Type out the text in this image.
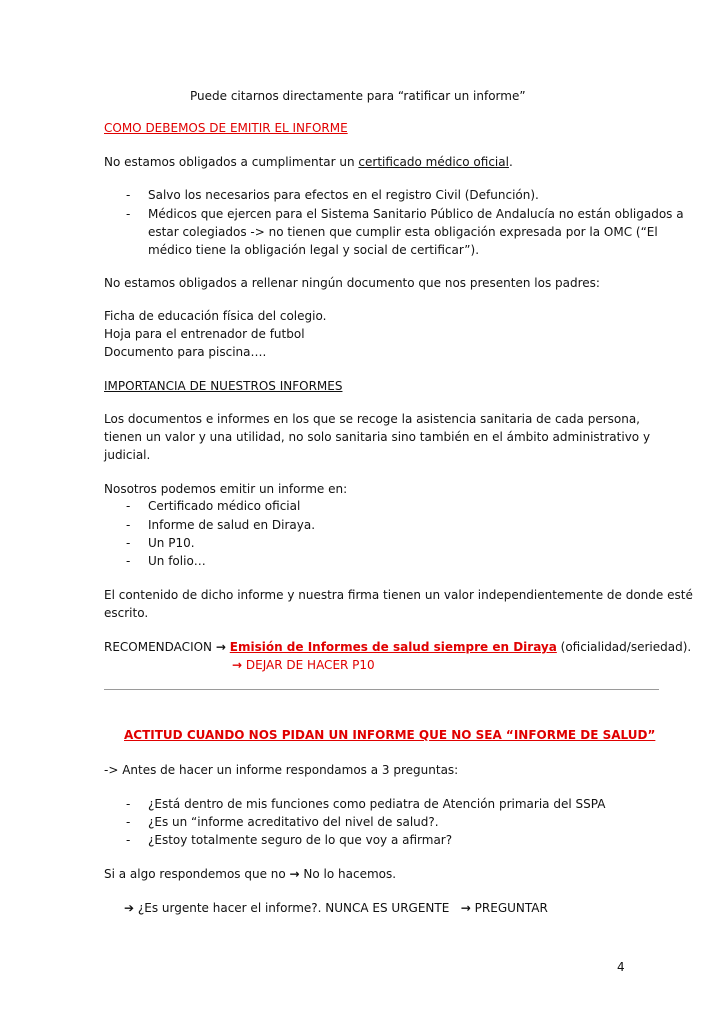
Puede citarnos directamente para “ratificar un informe”
COMO DEBEMOS DE EMITIR EL INFORME
No estamos obligados a cumplimentar un certificado médico oficial.
- Salvo los necesarios para efectos en el registro Civil (Defunción).
- Médicos que ejercen para el Sistema Sanitario Público de Andalucía no están obligados a
estar colegiados -> no tienen que cumplir esta obligación expresada por la OMC (“El
médico tiene la obligación legal y social de certificar”).
No estamos obligados a rellenar ningún documento que nos presenten los padres:
Ficha de educación física del colegio.
Hoja para el entrenador de futbol
Documento para piscina….
IMPORTANCIA DE NUESTROS INFORMES
Los documentos e informes en los que se recoge la asistencia sanitaria de cada persona,
tienen un valor y una utilidad, no solo sanitaria sino también en el ámbito administrativo y
judicial.
Nosotros podemos emitir un informe en:
- Certificado médico oficial
- Informe de salud en Diraya.
- Un P10.
- Un folio…
El contenido de dicho informe y nuestra firma tienen un valor independientemente de donde esté
escrito.
RECOMENDACION → Emisión de Informes de salud siempre en Diraya (oficialidad/seriedad).
→ DEJAR DE HACER P10
ACTITUD CUANDO NOS PIDAN UN INFORME QUE NO SEA “INFORME DE SALUD”
-> Antes de hacer un informe respondamos a 3 preguntas:
- ¿Está dentro de mis funciones como pediatra de Atención primaria del SSPA
- ¿Es un “informe acreditativo del nivel de salud?.
- ¿Estoy totalmente seguro de lo que voy a afirmar?
Si a algo respondemos que no → No lo hacemos.
➔ ¿Es urgente hacer el informe?. NUNCA ES URGENTE → PREGUNTAR
4
